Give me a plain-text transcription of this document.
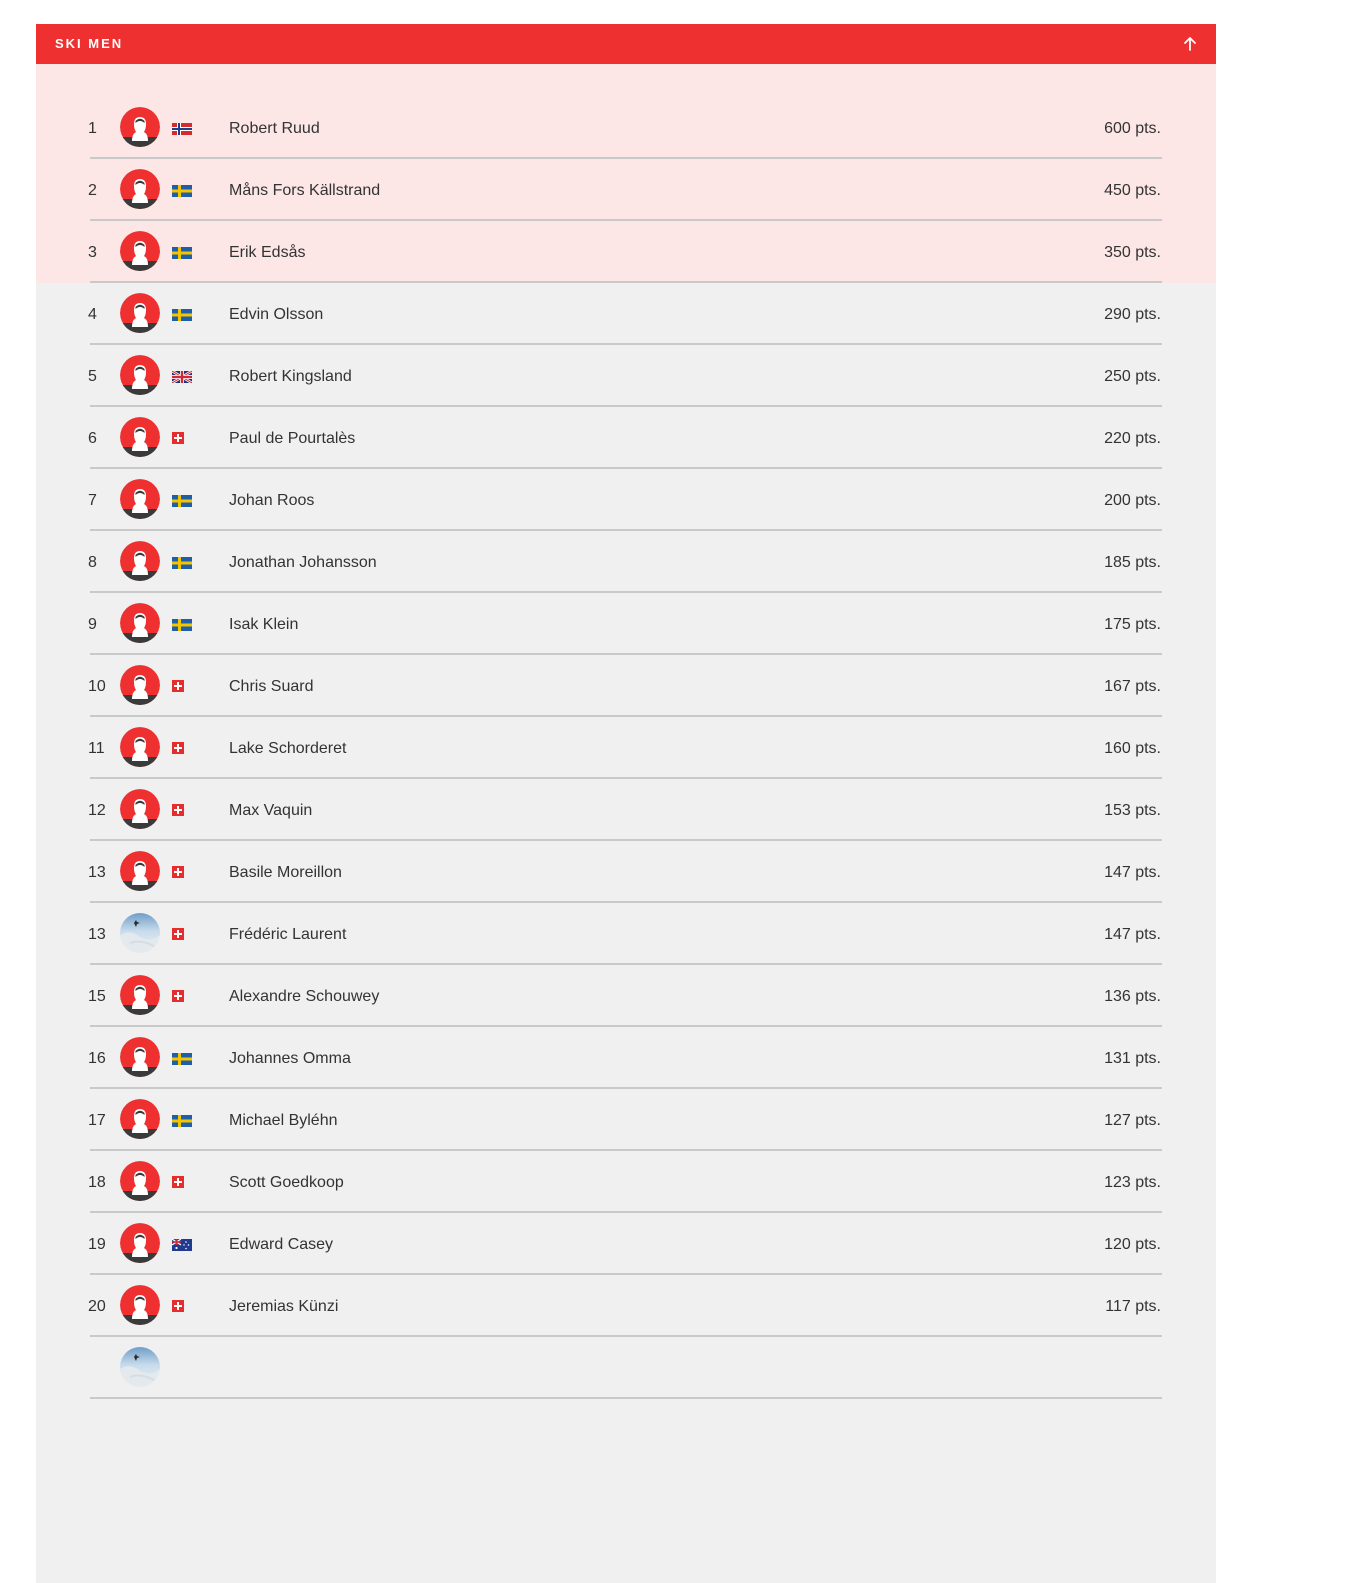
SKI MEN
1	Robert Ruud	600 pts.
2	Måns Fors Källstrand	450 pts.
3	Erik Edsås	350 pts.
4	Edvin Olsson	290 pts.
5	Robert Kingsland	250 pts.
6	Paul de Pourtalès	220 pts.
7	Johan Roos	200 pts.
8	Jonathan Johansson	185 pts.
9	Isak Klein	175 pts.
10	Chris Suard	167 pts.
11	Lake Schorderet	160 pts.
12	Max Vaquin	153 pts.
13	Basile Moreillon	147 pts.
13	Frédéric Laurent	147 pts.
15	Alexandre Schouwey	136 pts.
16	Johannes Omma	131 pts.
17	Michael Byléhn	127 pts.
18	Scott Goedkoop	123 pts.
19	Edward Casey	120 pts.
20	Jeremias Künzi	117 pts.
